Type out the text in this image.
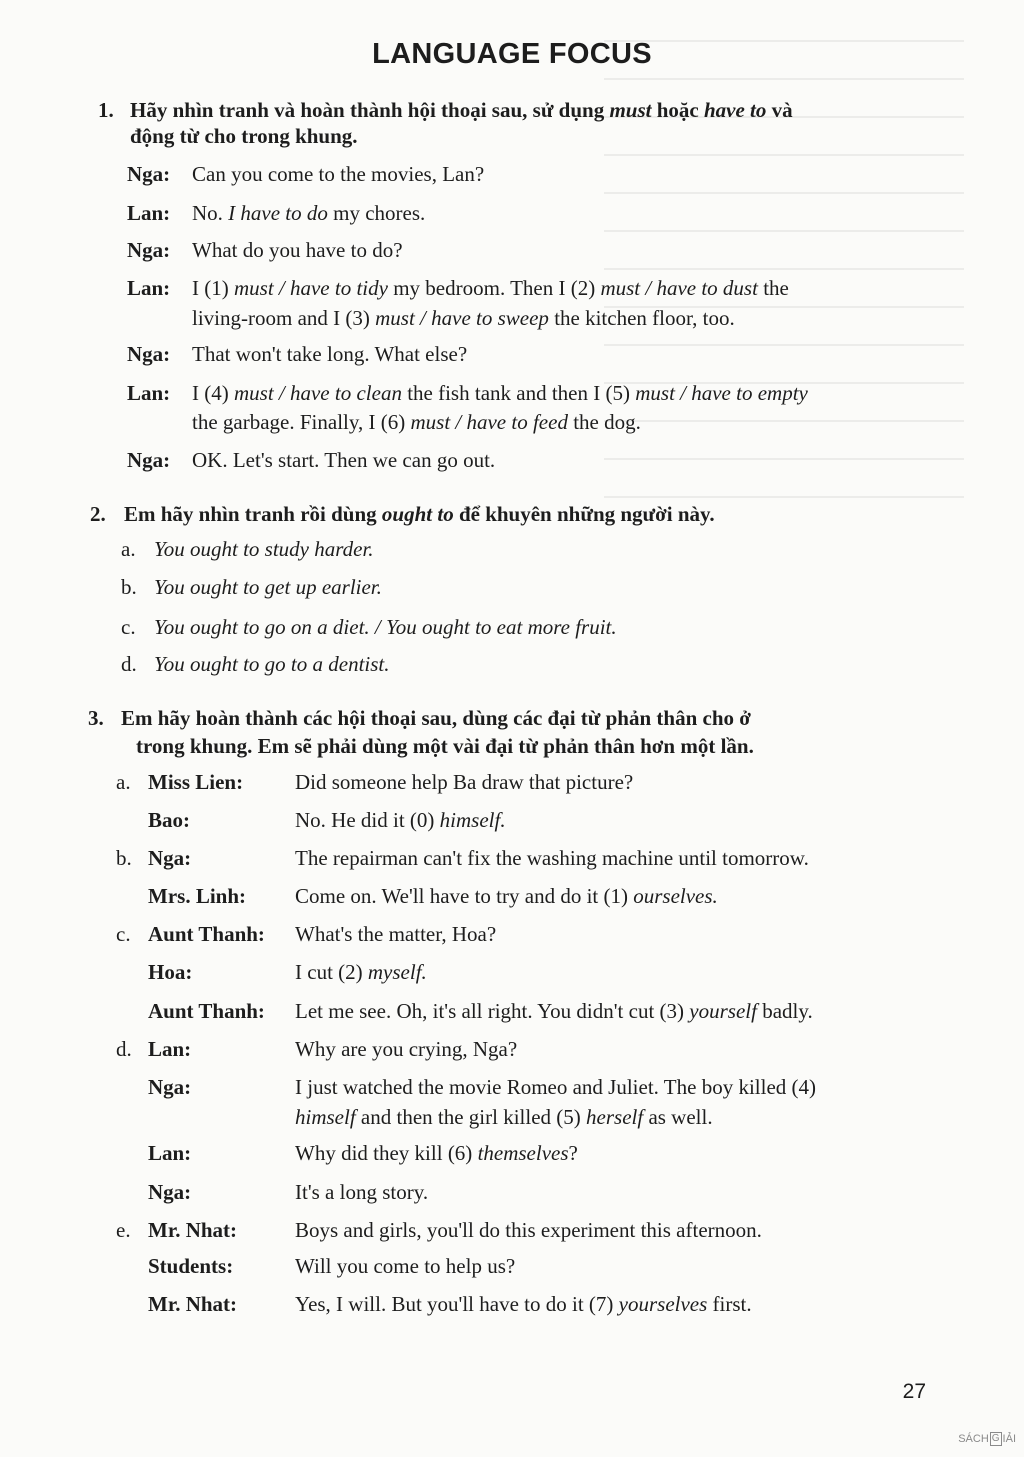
LANGUAGE FOCUS
1. Hãy nhìn tranh và hoàn thành hội thoại sau, sử dụng must hoặc have to và
động từ cho trong khung.
Nga: Can you come to the movies, Lan?
Lan: No. I have to do my chores.
Nga: What do you have to do?
Lan: I (1) must / have to tidy my bedroom. Then I (2) must / have to dust the
living-room and I (3) must / have to sweep the kitchen floor, too.
Nga: That won't take long. What else?
Lan: I (4) must / have to clean the fish tank and then I (5) must / have to empty
the garbage. Finally, I (6) must / have to feed the dog.
Nga: OK. Let's start. Then we can go out.
2. Em hãy nhìn tranh rồi dùng ought to để khuyên những người này.
a. You ought to study harder.
b. You ought to get up earlier.
c. You ought to go on a diet. / You ought to eat more fruit.
d. You ought to go to a dentist.
3. Em hãy hoàn thành các hội thoại sau, dùng các đại từ phản thân cho ở
trong khung. Em sẽ phải dùng một vài đại từ phản thân hơn một lần.
a. Miss Lien: Did someone help Ba draw that picture?
Bao:	No. He did it (0) himself.
b. Nga:	The repairman can't fix the washing machine until tomorrow.
Mrs. Linh: Come on. We'll have to try and do it (1) ourselves.
c. Aunt Thanh: What's the matter, Hoa?
Hoa:	I cut (2) myself.
Aunt Thanh: Let me see. Oh, it's all right. You didn't cut (3) yourself badly.
d. Lan:	Why are you crying, Nga?
Nga:	I just watched the movie Romeo and Juliet. The boy killed (4)
himself and then the girl killed (5) herself as well.
Lan:	Why did they kill (6) themselves?
Nga:	It's a long story.
e. Mr. Nhat:	Boys and girls, you'll do this experiment this afternoon.
Students:	Will you come to help us?
Mr. Nhat:	Yes, I will. But you'll have to do it (7) yourselves first.
27
SÁCH G IẢI
